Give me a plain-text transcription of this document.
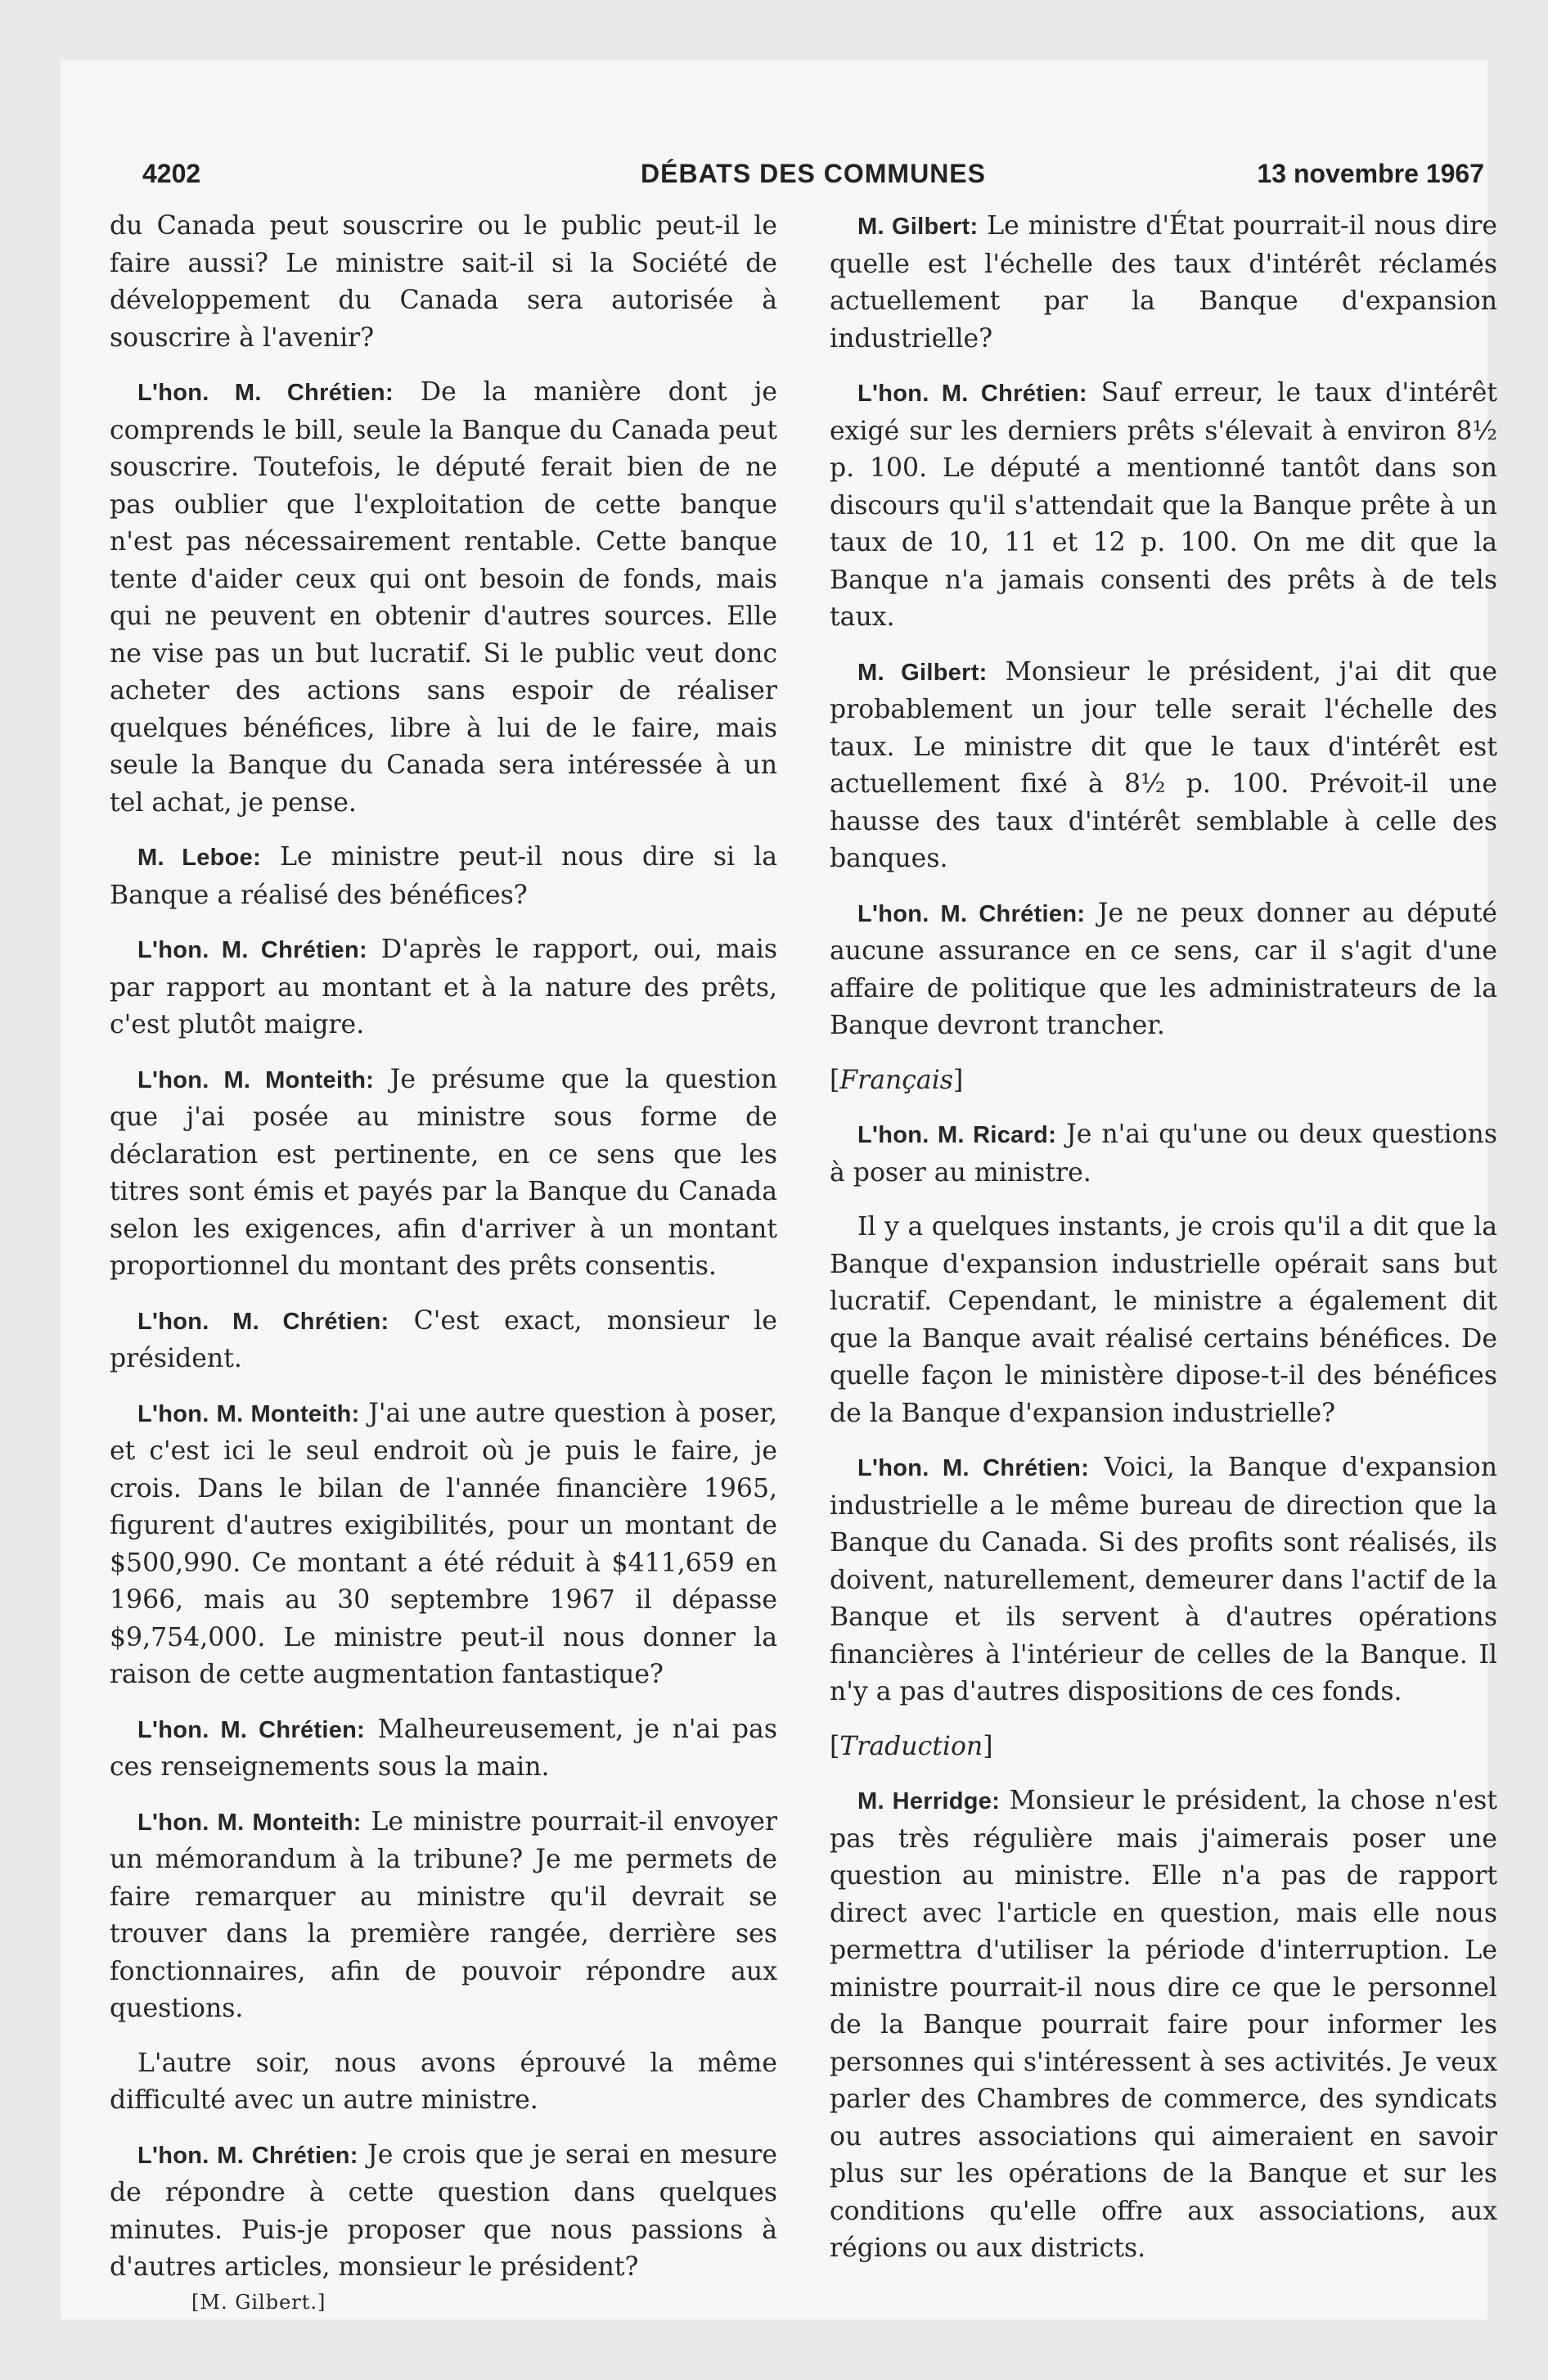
4202	DÉBATS DES COMMUNES	13 novembre 1967

du Canada peut souscrire ou le public peut-il le faire aussi? Le ministre sait-il si la Société de développement du Canada sera autorisée à souscrire à l'avenir?

L'hon. M. Chrétien: De la manière dont je comprends le bill, seule la Banque du Canada peut souscrire. Toutefois, le député ferait bien de ne pas oublier que l'exploitation de cette banque n'est pas nécessairement rentable. Cette banque tente d'aider ceux qui ont besoin de fonds, mais qui ne peuvent en obtenir d'autres sources. Elle ne vise pas un but lucratif. Si le public veut donc acheter des actions sans espoir de réaliser quelques bénéfices, libre à lui de le faire, mais seule la Banque du Canada sera intéressée à un tel achat, je pense.

M. Leboe: Le ministre peut-il nous dire si la Banque a réalisé des bénéfices?

L'hon. M. Chrétien: D'après le rapport, oui, mais par rapport au montant et à la nature des prêts, c'est plutôt maigre.

L'hon. M. Monteith: Je présume que la question que j'ai posée au ministre sous forme de déclaration est pertinente, en ce sens que les titres sont émis et payés par la Banque du Canada selon les exigences, afin d'arriver à un montant proportionnel du montant des prêts consentis.

L'hon. M. Chrétien: C'est exact, monsieur le président.

L'hon. M. Monteith: J'ai une autre question à poser, et c'est ici le seul endroit où je puis le faire, je crois. Dans le bilan de l'année financière 1965, figurent d'autres exigibilités, pour un montant de $500,990. Ce montant a été réduit à $411,659 en 1966, mais au 30 septembre 1967 il dépasse $9,754,000. Le ministre peut-il nous donner la raison de cette augmentation fantastique?

L'hon. M. Chrétien: Malheureusement, je n'ai pas ces renseignements sous la main.

L'hon. M. Monteith: Le ministre pourrait-il envoyer un mémorandum à la tribune? Je me permets de faire remarquer au ministre qu'il devrait se trouver dans la première rangée, derrière ses fonctionnaires, afin de pouvoir répondre aux questions.

L'autre soir, nous avons éprouvé la même difficulté avec un autre ministre.

L'hon. M. Chrétien: Je crois que je serai en mesure de répondre à cette question dans quelques minutes. Puis-je proposer que nous passions à d'autres articles, monsieur le président?

[M. Gilbert.]

M. Gilbert: Le ministre d'État pourrait-il nous dire quelle est l'échelle des taux d'intérêt réclamés actuellement par la Banque d'expansion industrielle?

L'hon. M. Chrétien: Sauf erreur, le taux d'intérêt exigé sur les derniers prêts s'élevait à environ 8½ p. 100. Le député a mentionné tantôt dans son discours qu'il s'attendait que la Banque prête à un taux de 10, 11 et 12 p. 100. On me dit que la Banque n'a jamais consenti des prêts à de tels taux.

M. Gilbert: Monsieur le président, j'ai dit que probablement un jour telle serait l'échelle des taux. Le ministre dit que le taux d'intérêt est actuellement fixé à 8½ p. 100. Prévoit-il une hausse des taux d'intérêt semblable à celle des banques.

L'hon. M. Chrétien: Je ne peux donner au député aucune assurance en ce sens, car il s'agit d'une affaire de politique que les administrateurs de la Banque devront trancher.

[Français]

L'hon. M. Ricard: Je n'ai qu'une ou deux questions à poser au ministre.

Il y a quelques instants, je crois qu'il a dit que la Banque d'expansion industrielle opérait sans but lucratif. Cependant, le ministre a également dit que la Banque avait réalisé certains bénéfices. De quelle façon le ministère dipose-t-il des bénéfices de la Banque d'expansion industrielle?

L'hon. M. Chrétien: Voici, la Banque d'expansion industrielle a le même bureau de direction que la Banque du Canada. Si des profits sont réalisés, ils doivent, naturellement, demeurer dans l'actif de la Banque et ils servent à d'autres opérations financières à l'intérieur de celles de la Banque. Il n'y a pas d'autres dispositions de ces fonds.

[Traduction]

M. Herridge: Monsieur le président, la chose n'est pas très régulière mais j'aimerais poser une question au ministre. Elle n'a pas de rapport direct avec l'article en question, mais elle nous permettra d'utiliser la période d'interruption. Le ministre pourrait-il nous dire ce que le personnel de la Banque pourrait faire pour informer les personnes qui s'intéressent à ses activités. Je veux parler des Chambres de commerce, des syndicats ou autres associations qui aimeraient en savoir plus sur les opérations de la Banque et sur les conditions qu'elle offre aux associations, aux régions ou aux districts.
